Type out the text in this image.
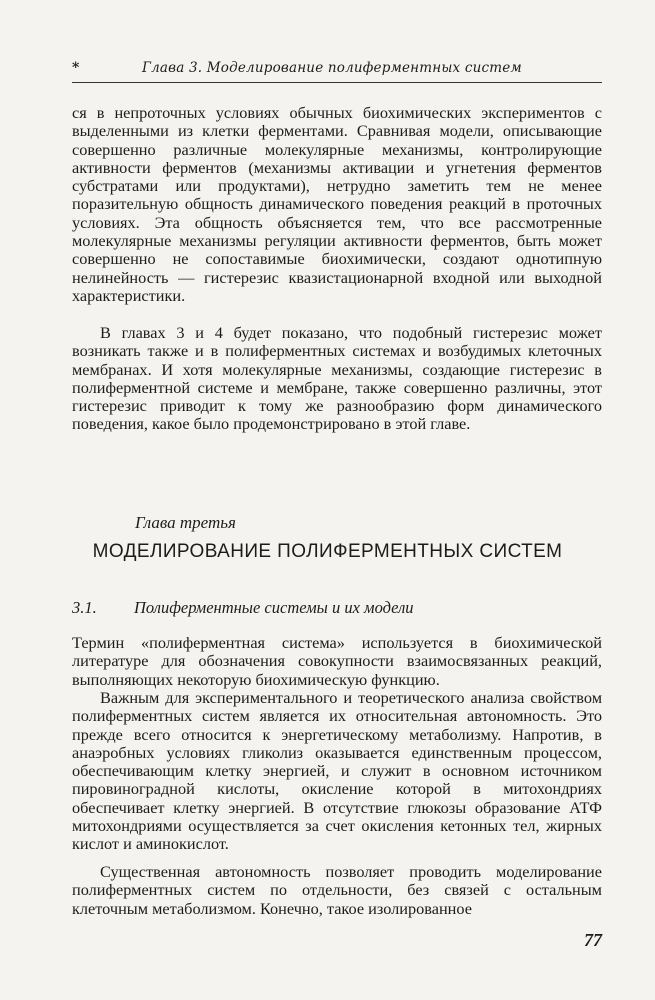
*	Глава 3. Моделирование полиферментных систем

ся в непроточных условиях обычных биохимических экспериментов с выделенными из клетки ферментами. Сравнивая модели, описывающие совершенно различные молекулярные механизмы, контролирующие активности ферментов (механизмы активации и угнетения ферментов субстратами или продуктами), нетрудно заметить тем не менее поразительную общность динамического поведения реакций в проточных условиях. Эта общность объясняется тем, что все рассмотренные молекулярные механизмы регуляции активности ферментов, быть может совершенно не сопоставимые биохимически, создают однотипную нелинейность — гистерезис квазистационарной входной или выходной характеристики.

В главах 3 и 4 будет показано, что подобный гистерезис может возникать также и в полиферментных системах и возбудимых клеточных мембранах. И хотя молекулярные механизмы, создающие гистерезис в полиферментной системе и мембране, также совершенно различны, этот гистерезис приводит к тому же разнообразию форм динамического поведения, какое было продемонстрировано в этой главе.

Глава третья
МОДЕЛИРОВАНИЕ ПОЛИФЕРМЕНТНЫХ СИСТЕМ
3.1. Полиферментные системы и их модели

Термин «полиферментная система» используется в биохимической литературе для обозначения совокупности взаимосвязанных реакций, выполняющих некоторую биохимическую функцию.

Важным для экспериментального и теоретического анализа свойством полиферментных систем является их относительная автономность. Это прежде всего относится к энергетическому метаболизму. Напротив, в анаэробных условиях гликолиз оказывается единственным процессом, обеспечивающим клетку энергией, и служит в основном источником пировиноградной кислоты, окисление которой в митохондриях обеспечивает клетку энергией. В отсутствие глюкозы образование АТФ митохондриями осуществляется за счет окисления кетонных тел, жирных кислот и аминокислот.

Существенная автономность позволяет проводить моделирование полиферментных систем по отдельности, без связей с остальным клеточным метаболизмом. Конечно, такое изолированное

77
